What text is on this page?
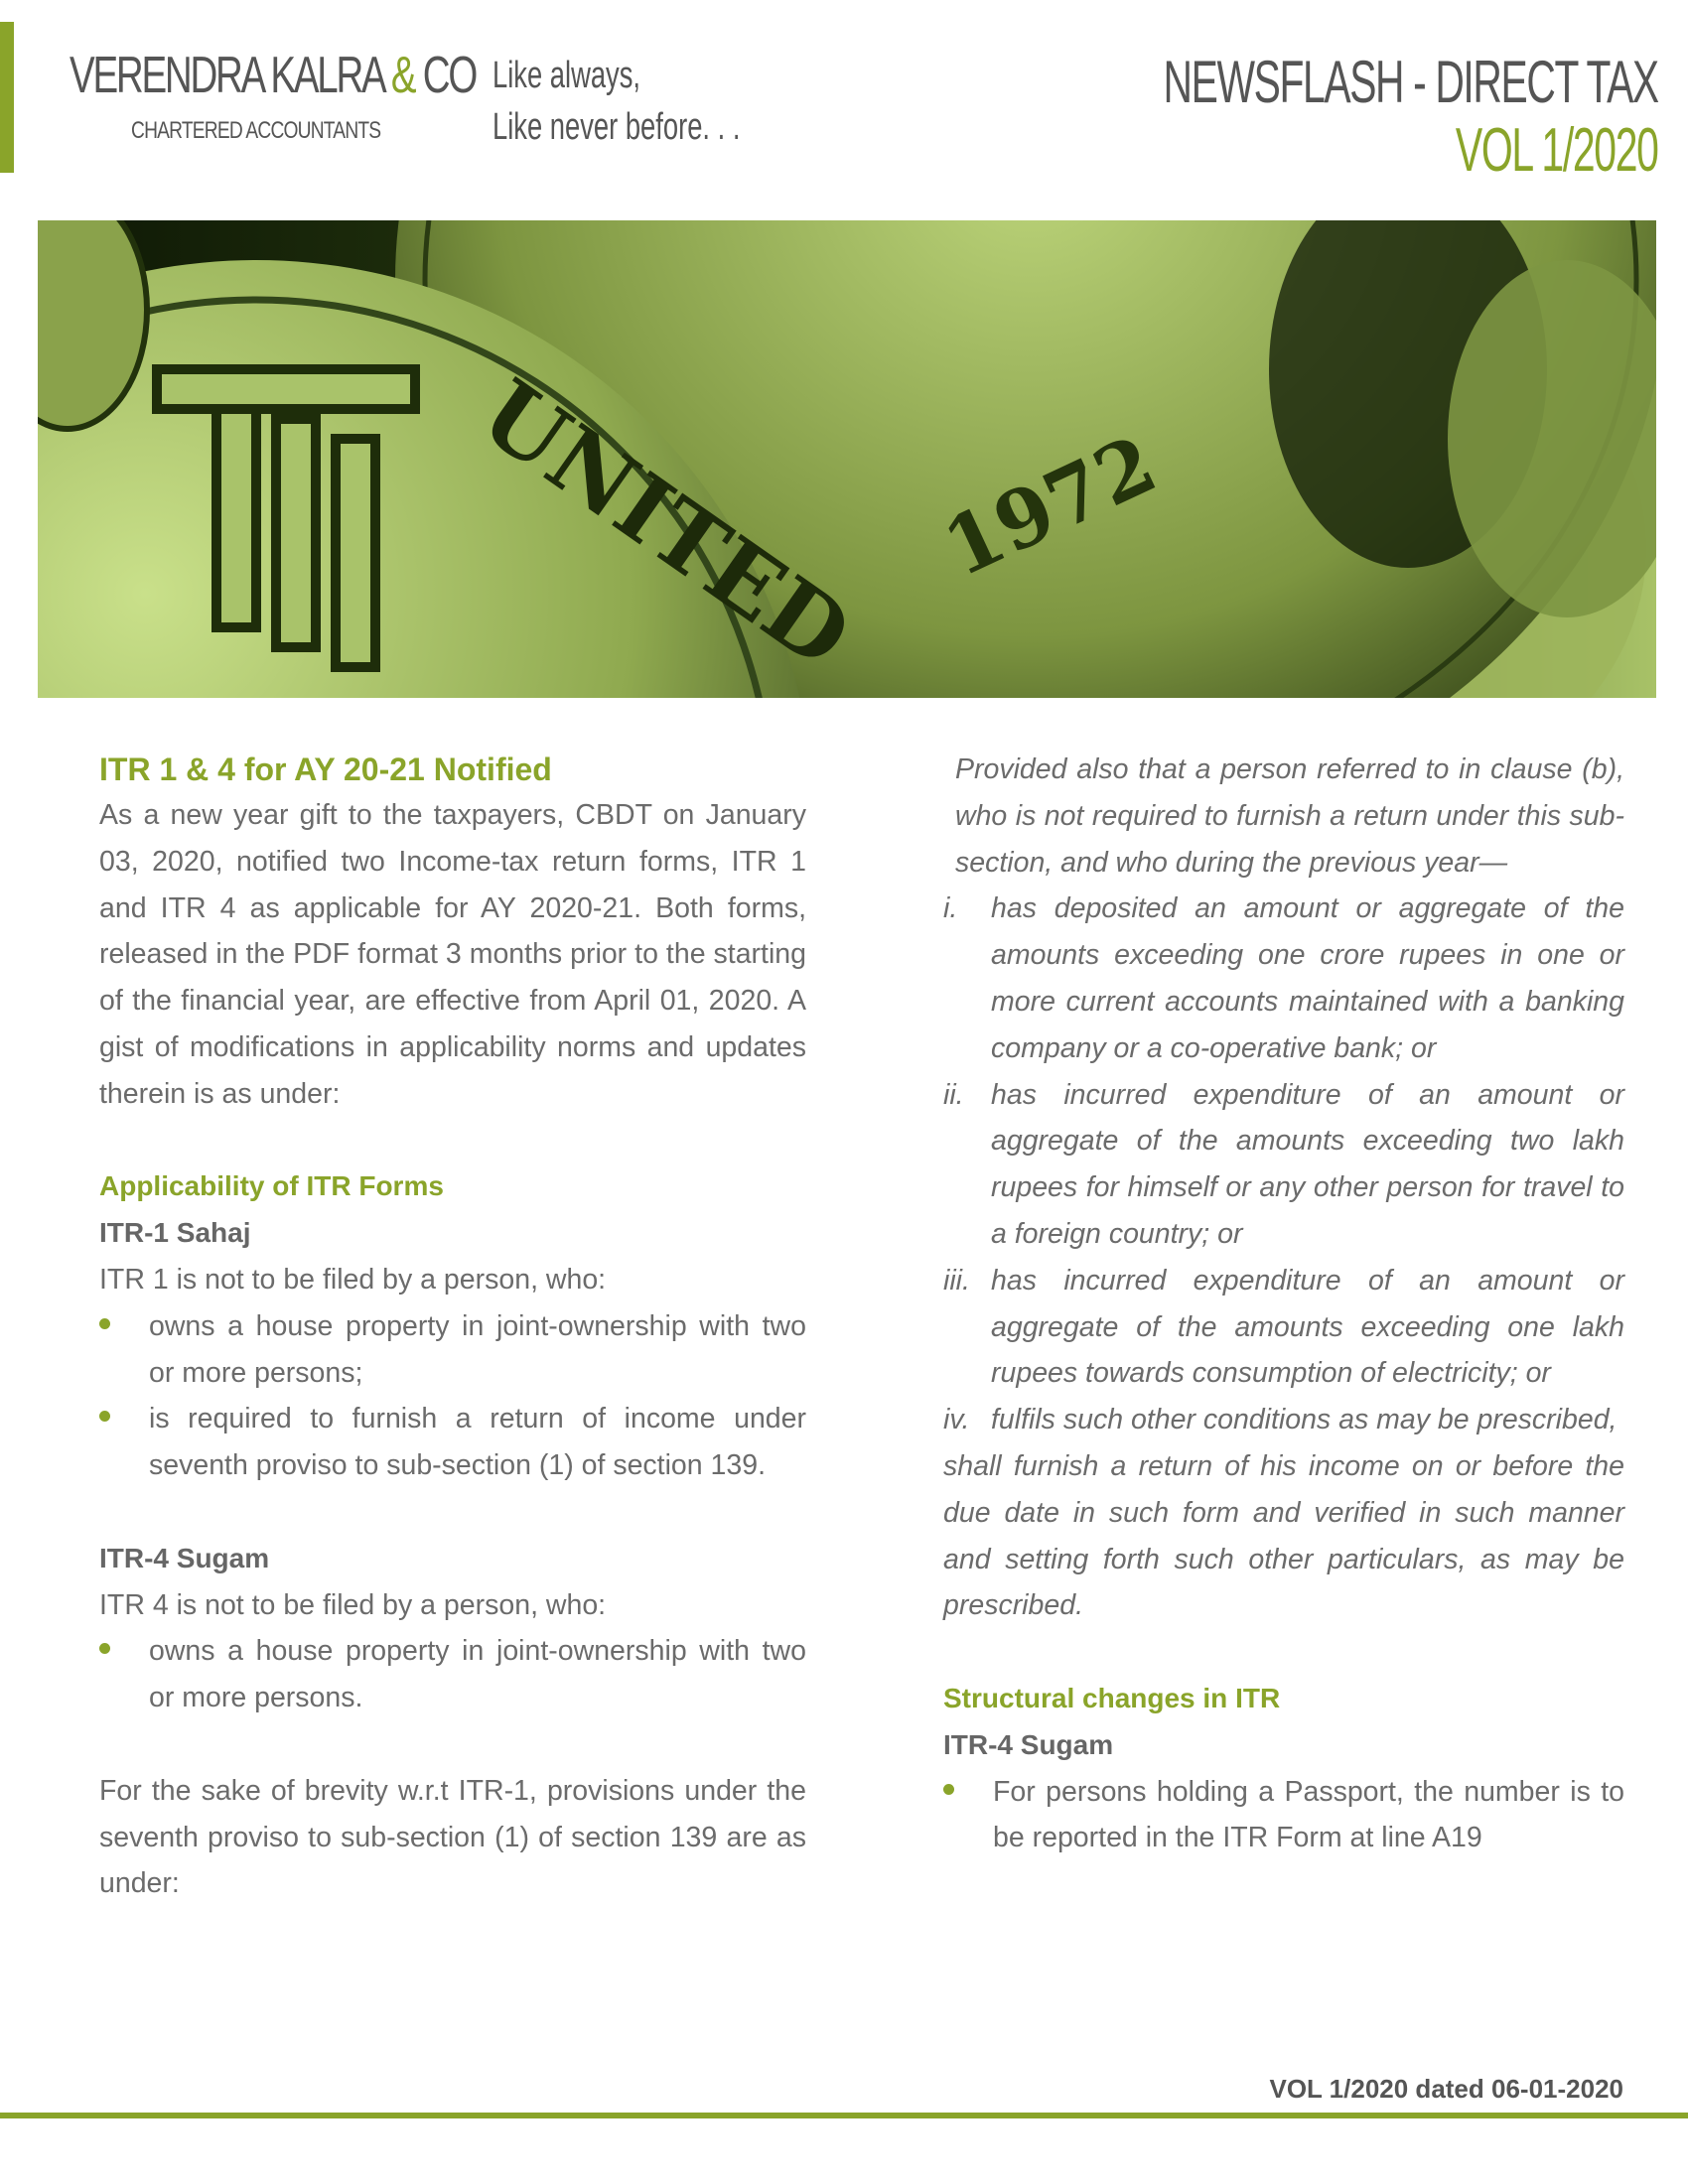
VERENDRA KALRA & CO
CHARTERED ACCOUNTANTS
Like always,
Like never before. . .
NEWSFLASH - DIRECT TAX
VOL 1/2020
UNITED 1972
ITR 1 & 4 for AY 20-21 Notified
As a new year gift to the taxpayers, CBDT on January 03, 2020, notified two Income-tax return forms, ITR 1 and ITR 4 as applicable for AY 2020-21. Both forms, released in the PDF format 3 months prior to the starting of the financial year, are effective from April 01, 2020. A gist of modifications in applicability norms and updates therein is as under:
Applicability of ITR Forms
ITR-1 Sahaj
ITR 1 is not to be filed by a person, who:
owns a house property in joint-ownership with two or more persons;
is required to furnish a return of income under seventh proviso to sub-section (1) of section 139.
ITR-4 Sugam
ITR 4 is not to be filed by a person, who:
owns a house property in joint-ownership with two or more persons.
For the sake of brevity w.r.t ITR-1, provisions under the seventh proviso to sub-section (1) of section 139 are as under:
Provided also that a person referred to in clause (b), who is not required to furnish a return under this sub-section, and who during the previous year—
i.	has deposited an amount or aggregate of the amounts exceeding one crore rupees in one or more current accounts maintained with a banking company or a co-operative bank; or
ii. has incurred expenditure of an amount or aggregate of the amounts exceeding two lakh rupees for himself or any other person for travel to a foreign country; or
iii. has incurred expenditure of an amount or aggregate of the amounts exceeding one lakh rupees towards consumption of electricity; or
iv. fulfils such other conditions as may be prescribed,
shall furnish a return of his income on or before the due date in such form and verified in such manner and setting forth such other particulars, as may be prescribed.
Structural changes in ITR
ITR-4 Sugam
For persons holding a Passport, the number is to be reported in the ITR Form at line A19
VOL 1/2020 dated 06-01-2020
